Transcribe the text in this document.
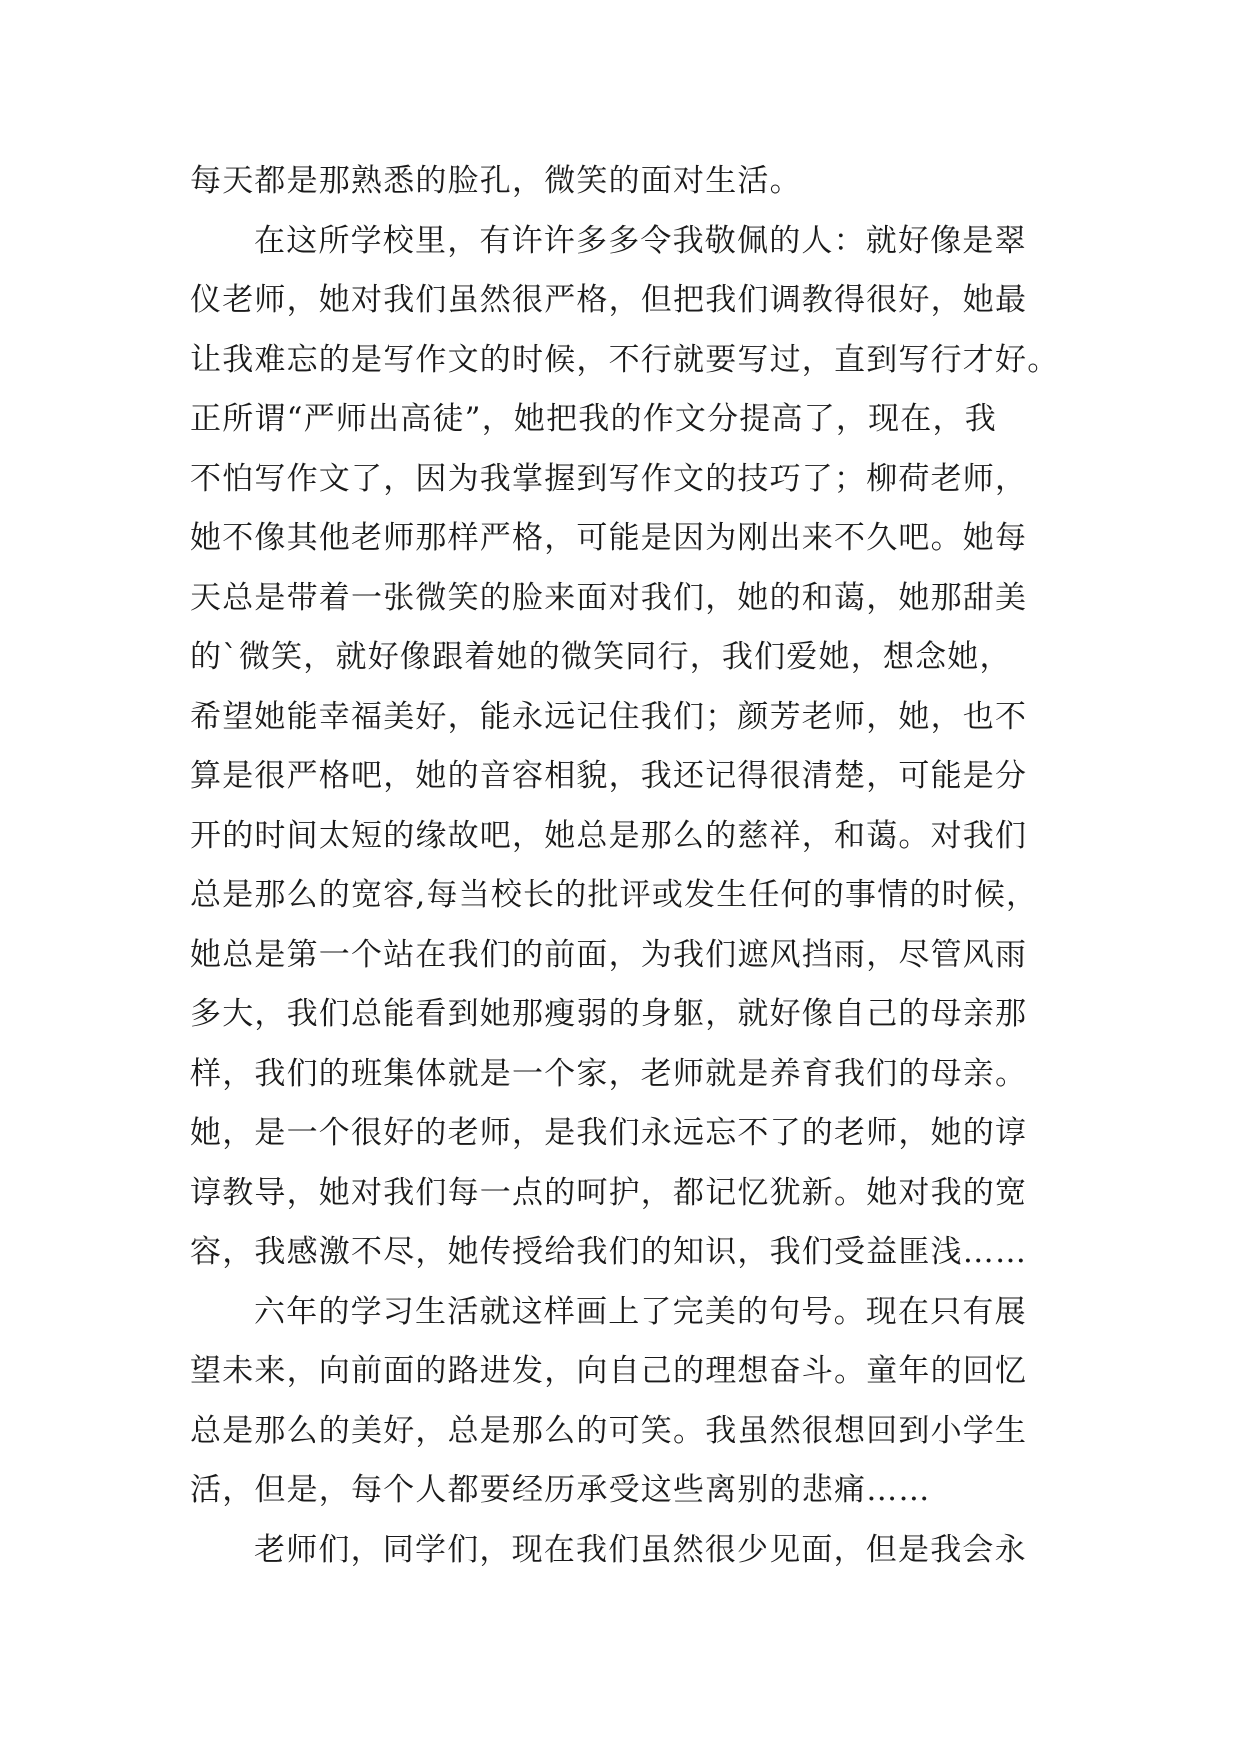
每天都是那熟悉的脸孔，微笑的面对生活。
在这所学校里，有许许多多令我敬佩的人：就好像是翠
仪老师，她对我们虽然很严格，但把我们调教得很好，她最
让我难忘的是写作文的时候，不行就要写过，直到写行才好。
正所谓“严师出高徒”，她把我的作文分提高了，现在，我
不怕写作文了，因为我掌握到写作文的技巧了；柳荷老师，
她不像其他老师那样严格，可能是因为刚出来不久吧。她每
天总是带着一张微笑的脸来面对我们，她的和蔼，她那甜美
的`微笑，就好像跟着她的微笑同行，我们爱她，想念她，
希望她能幸福美好，能永远记住我们；颜芳老师，她，也不
算是很严格吧，她的音容相貌，我还记得很清楚，可能是分
开的时间太短的缘故吧，她总是那么的慈祥，和蔼。对我们
总是那么的宽容,每当校长的批评或发生任何的事情的时候，
她总是第一个站在我们的前面，为我们遮风挡雨，尽管风雨
多大，我们总能看到她那瘦弱的身躯，就好像自己的母亲那
样，我们的班集体就是一个家，老师就是养育我们的母亲。
她，是一个很好的老师，是我们永远忘不了的老师，她的谆
谆教导，她对我们每一点的呵护，都记忆犹新。她对我的宽
容，我感激不尽，她传授给我们的知识，我们受益匪浅……
六年的学习生活就这样画上了完美的句号。现在只有展
望未来，向前面的路进发，向自己的理想奋斗。童年的回忆
总是那么的美好，总是那么的可笑。我虽然很想回到小学生
活，但是，每个人都要经历承受这些离别的悲痛……
老师们，同学们，现在我们虽然很少见面，但是我会永
